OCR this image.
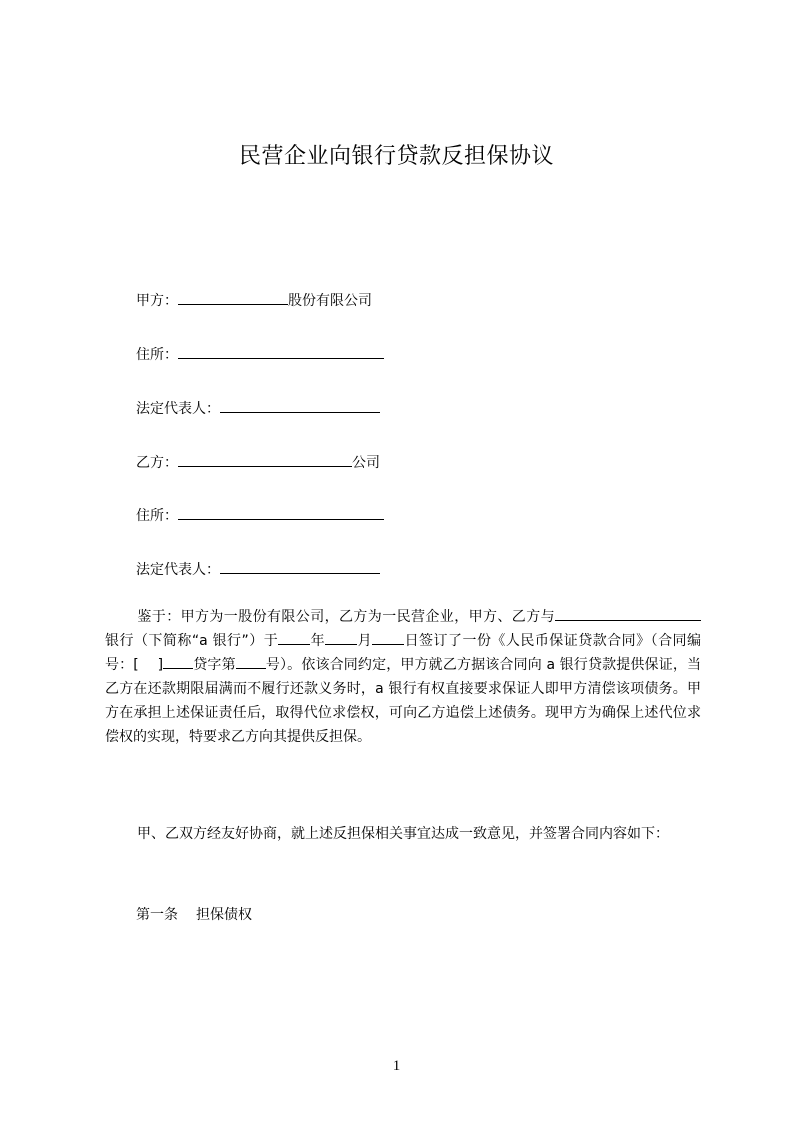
民营企业向银行贷款反担保协议
甲方：	股份有限公司
住所：
法定代表人：
乙方：	公司
住所：
法定代表人：

鉴于：甲方为一股份有限公司，乙方为一民营企业，甲方、乙方与银行（下简称“a 银行”）于 年 月 日签订了一份《人民币保证贷款合同》（合同编号：[　 ] 贷字第 号）。依该合同约定，甲方就乙方据该合同向 a 银行贷款提供保证，当乙方在还款期限届满而不履行还款义务时，a 银行有权直接要求保证人即甲方清偿该项债务。甲方在承担上述保证责任后，取得代位求偿权，可向乙方追偿上述债务。现甲方为确保上述代位求偿权的实现，特要求乙方向其提供反担保。

甲、乙双方经友好协商，就上述反担保相关事宜达成一致意见，并签署合同内容如下：

第一条 担保债权
1
